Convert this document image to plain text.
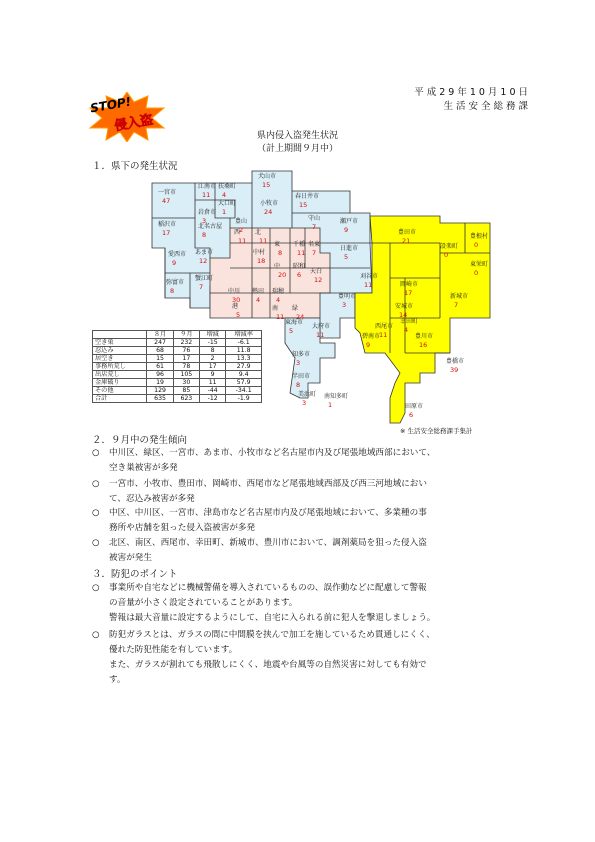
STOP!
侵入盗
平成29年10月10日
生活安全総務課
県内侵入盗発生状況
（計上期間９月中）
１．県下の発生状況
一宮市
47
江南市
11
扶桑町
4
犬山市
15
岩倉市
3
大口町
1
小牧市
24
春日井市
15
稲沢市
17
北名古屋
8
豊山
2
守山
7
瀬戸市
9
西
11
北
11 東
8
千種
11
名東
7
愛西市
9
あま市
12
中村
18
中
20
昭和
6 天白
12
日進市
5
弥富市
8
蟹江町
7
中川
30
熱田
4
瑞穂
4
港
5
南
11
緑
24
豊明市
3
東海市
5
大府市
11
知多市
3
半田市
8
美浜町
3
南知多町
1
豊田市
21
設楽町
0
豊根村
0
東栄町
0
岡崎市
17	新城市
7
安城市
14
刈谷市
11
西尾市
11
幸田町
4
豊川市
16
豊橋市
39
田原市
6
碧南市
9
	８月	９月	増減	増減率
空き巣	247	232	-15	-6.1
忍込み	68	76	8	11.8
居空き	15	17	2	13.3
事務所荒し	61	78	17	27.9
出店荒し	96	105	9	9.4
金庫破り	19	30	11	57.9
その他	129	85	-44	-34.1
合計	635	623	-12	-1.9
※ 生活安全総務課手集計
２．９月中の発生傾向
○ 中川区、緑区、一宮市、あま市、小牧市など名古屋市内及び尾張地域西部において、
空き巣被害が多発
○ 一宮市、小牧市、豊田市、岡崎市、西尾市など尾張地域西部及び西三河地域におい
て、忍込み被害が多発
○ 中区、中川区、一宮市、津島市など名古屋市内及び尾張地域において、多業種の事
務所や店舗を狙った侵入盗被害が多発
○ 北区、南区、西尾市、幸田町、新城市、豊川市において、調剤薬局を狙った侵入盗
被害が発生
３．防犯のポイント
○ 事業所や自宅などに機械警備を導入されているものの、誤作動などに配慮して警報
の音量が小さく設定されていることがあります。
警報は最大音量に設定するようにして、自宅に入られる前に犯人を撃退しましょう。
○ 防犯ガラスとは、ガラスの間に中間膜を挟んで加工を施しているため貫通しにくく、
優れた防犯性能を有しています。
また、ガラスが割れても飛散しにくく、地震や台風等の自然災害に対しても有効で
す。
